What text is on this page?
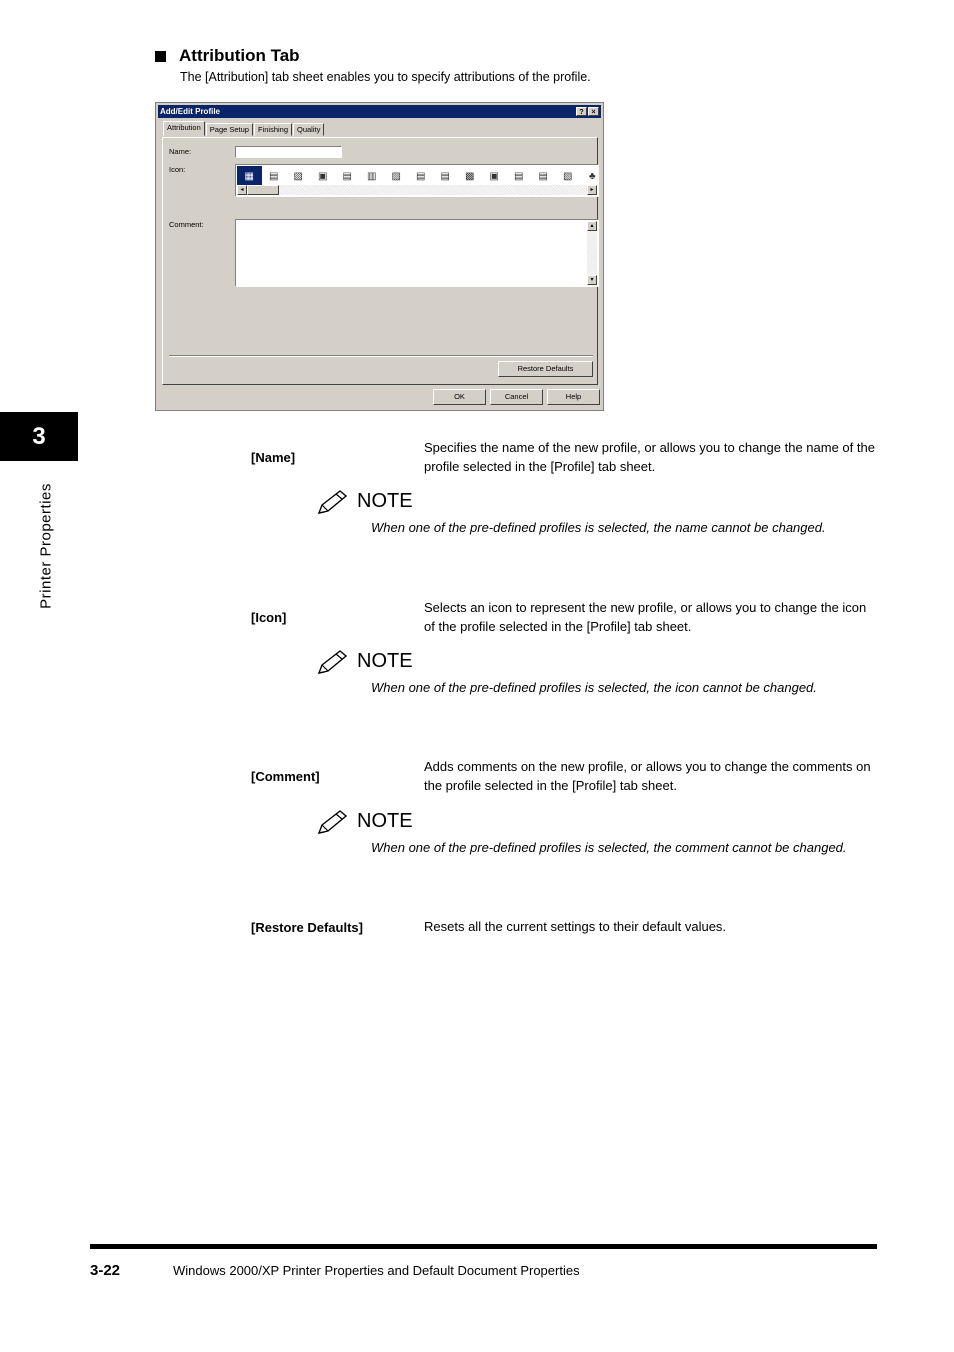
3
Printer Properties
Attribution Tab
The [Attribution] tab sheet enables you to specify attributions of the profile.
Add/Edit Profile	?	×
Attribution	Page Setup	Finishing	Quality
Name:
Icon:
▦	▤	▧	▣	▤	▥	▨	▤	▤	▩	▣	▤	▤	▧	♣
◂	▸
Comment:	▴
▾
Restore Defaults
OK	Cancel	Help
[Name]
Specifies the name of the new profile, or allows you to change the name of the profile selected in the [Profile] tab sheet.
NOTE
When one of the pre-defined profiles is selected, the name cannot be changed.
[Icon]
Selects an icon to represent the new profile, or allows you to change the icon of the profile selected in the [Profile] tab sheet.
NOTE
When one of the pre-defined profiles is selected, the icon cannot be changed.
[Comment]
Adds comments on the new profile, or allows you to change the comments on the profile selected in the [Profile] tab sheet.
NOTE
When one of the pre-defined profiles is selected, the comment cannot be changed.
[Restore Defaults]	Resets all the current settings to their default values.
3-22	Windows 2000/XP Printer Properties and Default Document Properties
